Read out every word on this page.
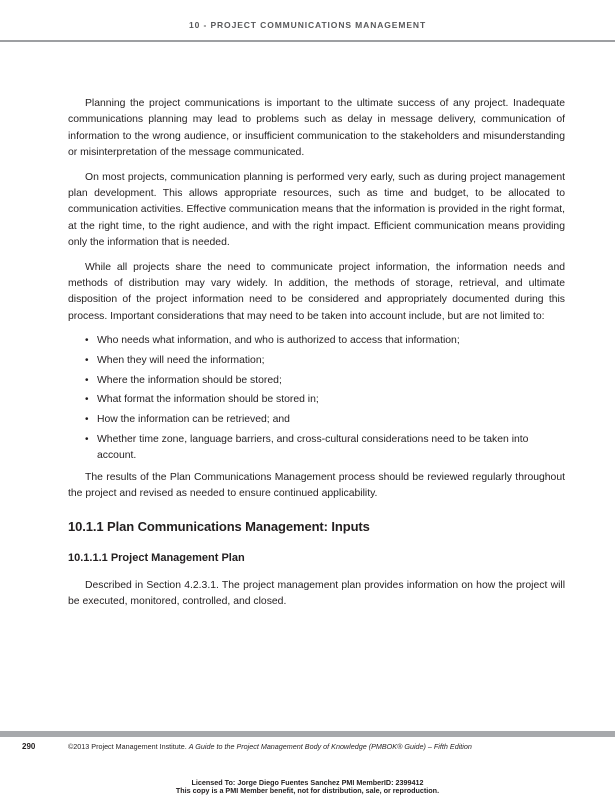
10 - PROJECT COMMUNICATIONS MANAGEMENT

Planning the project communications is important to the ultimate success of any project. Inadequate communications planning may lead to problems such as delay in message delivery, communication of information to the wrong audience, or insufficient communication to the stakeholders and misunderstanding or misinterpretation of the message communicated.

On most projects, communication planning is performed very early, such as during project management plan development. This allows appropriate resources, such as time and budget, to be allocated to communication activities. Effective communication means that the information is provided in the right format, at the right time, to the right audience, and with the right impact. Efficient communication means providing only the information that is needed.

While all projects share the need to communicate project information, the information needs and methods of distribution may vary widely. In addition, the methods of storage, retrieval, and ultimate disposition of the project information need to be considered and appropriately documented during this process. Important considerations that may need to be taken into account include, but are not limited to:

• Who needs what information, and who is authorized to access that information;
• When they will need the information;
• Where the information should be stored;
• What format the information should be stored in;
• How the information can be retrieved; and
• Whether time zone, language barriers, and cross-cultural considerations need to be taken into account.

The results of the Plan Communications Management process should be reviewed regularly throughout the project and revised as needed to ensure continued applicability.

10.1.1 Plan Communications Management: Inputs
10.1.1.1 Project Management Plan

Described in Section 4.2.3.1. The project management plan provides information on how the project will be executed, monitored, controlled, and closed.

290	©2013 Project Management Institute. A Guide to the Project Management Body of Knowledge (PMBOK® Guide) – Fifth Edition
Licensed To: Jorge Diego Fuentes Sanchez PMI MemberID: 2399412
This copy is a PMI Member benefit, not for distribution, sale, or reproduction.
